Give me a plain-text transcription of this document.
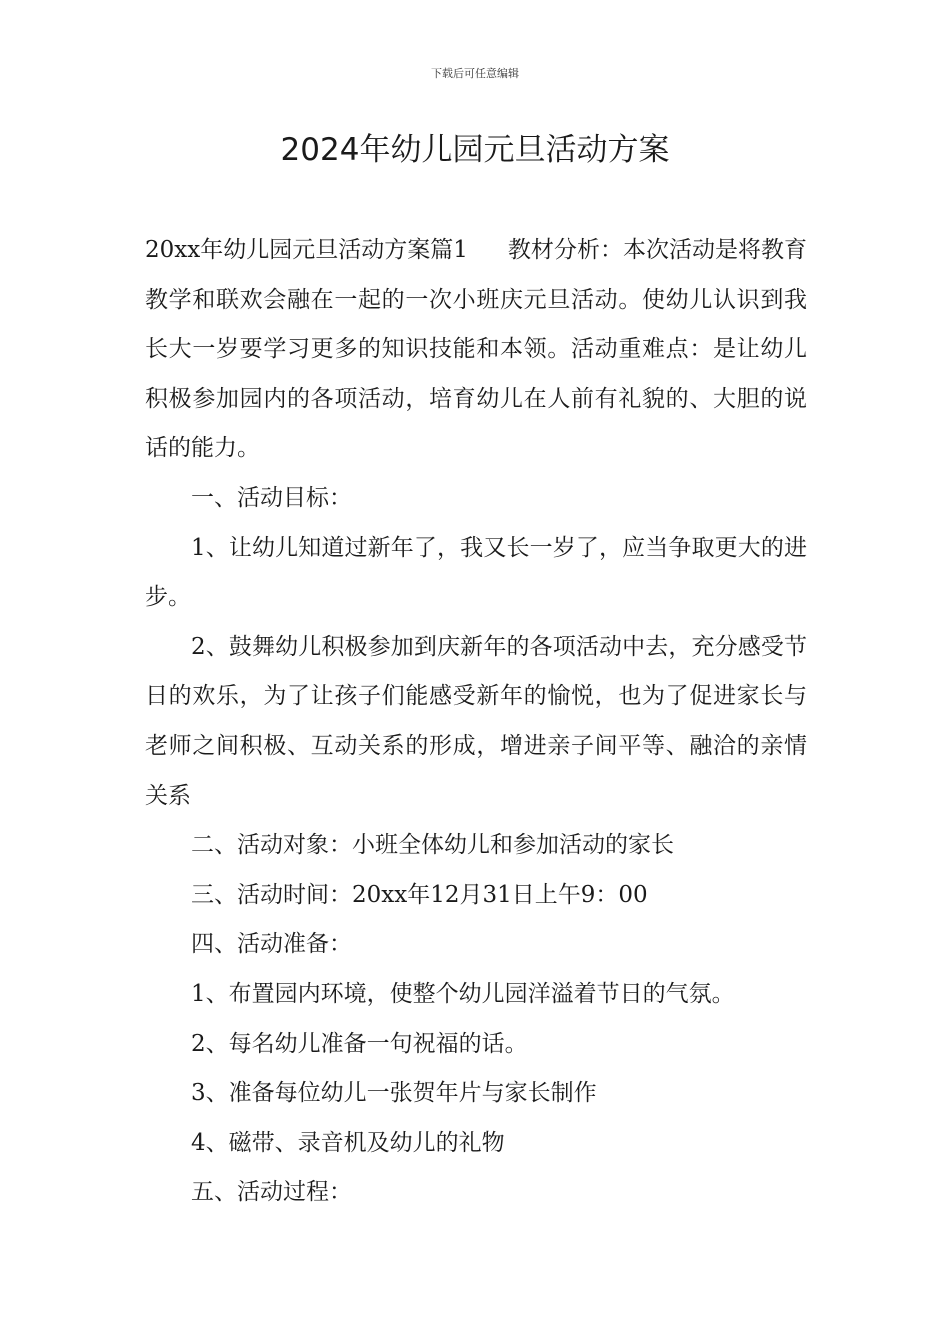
下载后可任意编辑
2024年幼儿园元旦活动方案

20xx年幼儿园元旦活动方案篇1 教材分析：本次活动是将教育教学和联欢会融在一起的一次小班庆元旦活动。使幼儿认识到我长大一岁要学习更多的知识技能和本领。活动重难点：是让幼儿积极参加园内的各项活动，培育幼儿在人前有礼貌的、大胆的说话的能力。

一、活动目标：

1、让幼儿知道过新年了，我又长一岁了，应当争取更大的进步。

2、鼓舞幼儿积极参加到庆新年的各项活动中去，充分感受节日的欢乐，为了让孩子们能感受新年的愉悦，也为了促进家长与老师之间积极、互动关系的形成，增进亲子间平等、融洽的亲情关系

二、活动对象：小班全体幼儿和参加活动的家长

三、活动时间：20xx年12月31日上午9：00

四、活动准备：

1、布置园内环境，使整个幼儿园洋溢着节日的气氛。

2、每名幼儿准备一句祝福的话。

3、准备每位幼儿一张贺年片与家长制作

4、磁带、录音机及幼儿的礼物

五、活动过程：
